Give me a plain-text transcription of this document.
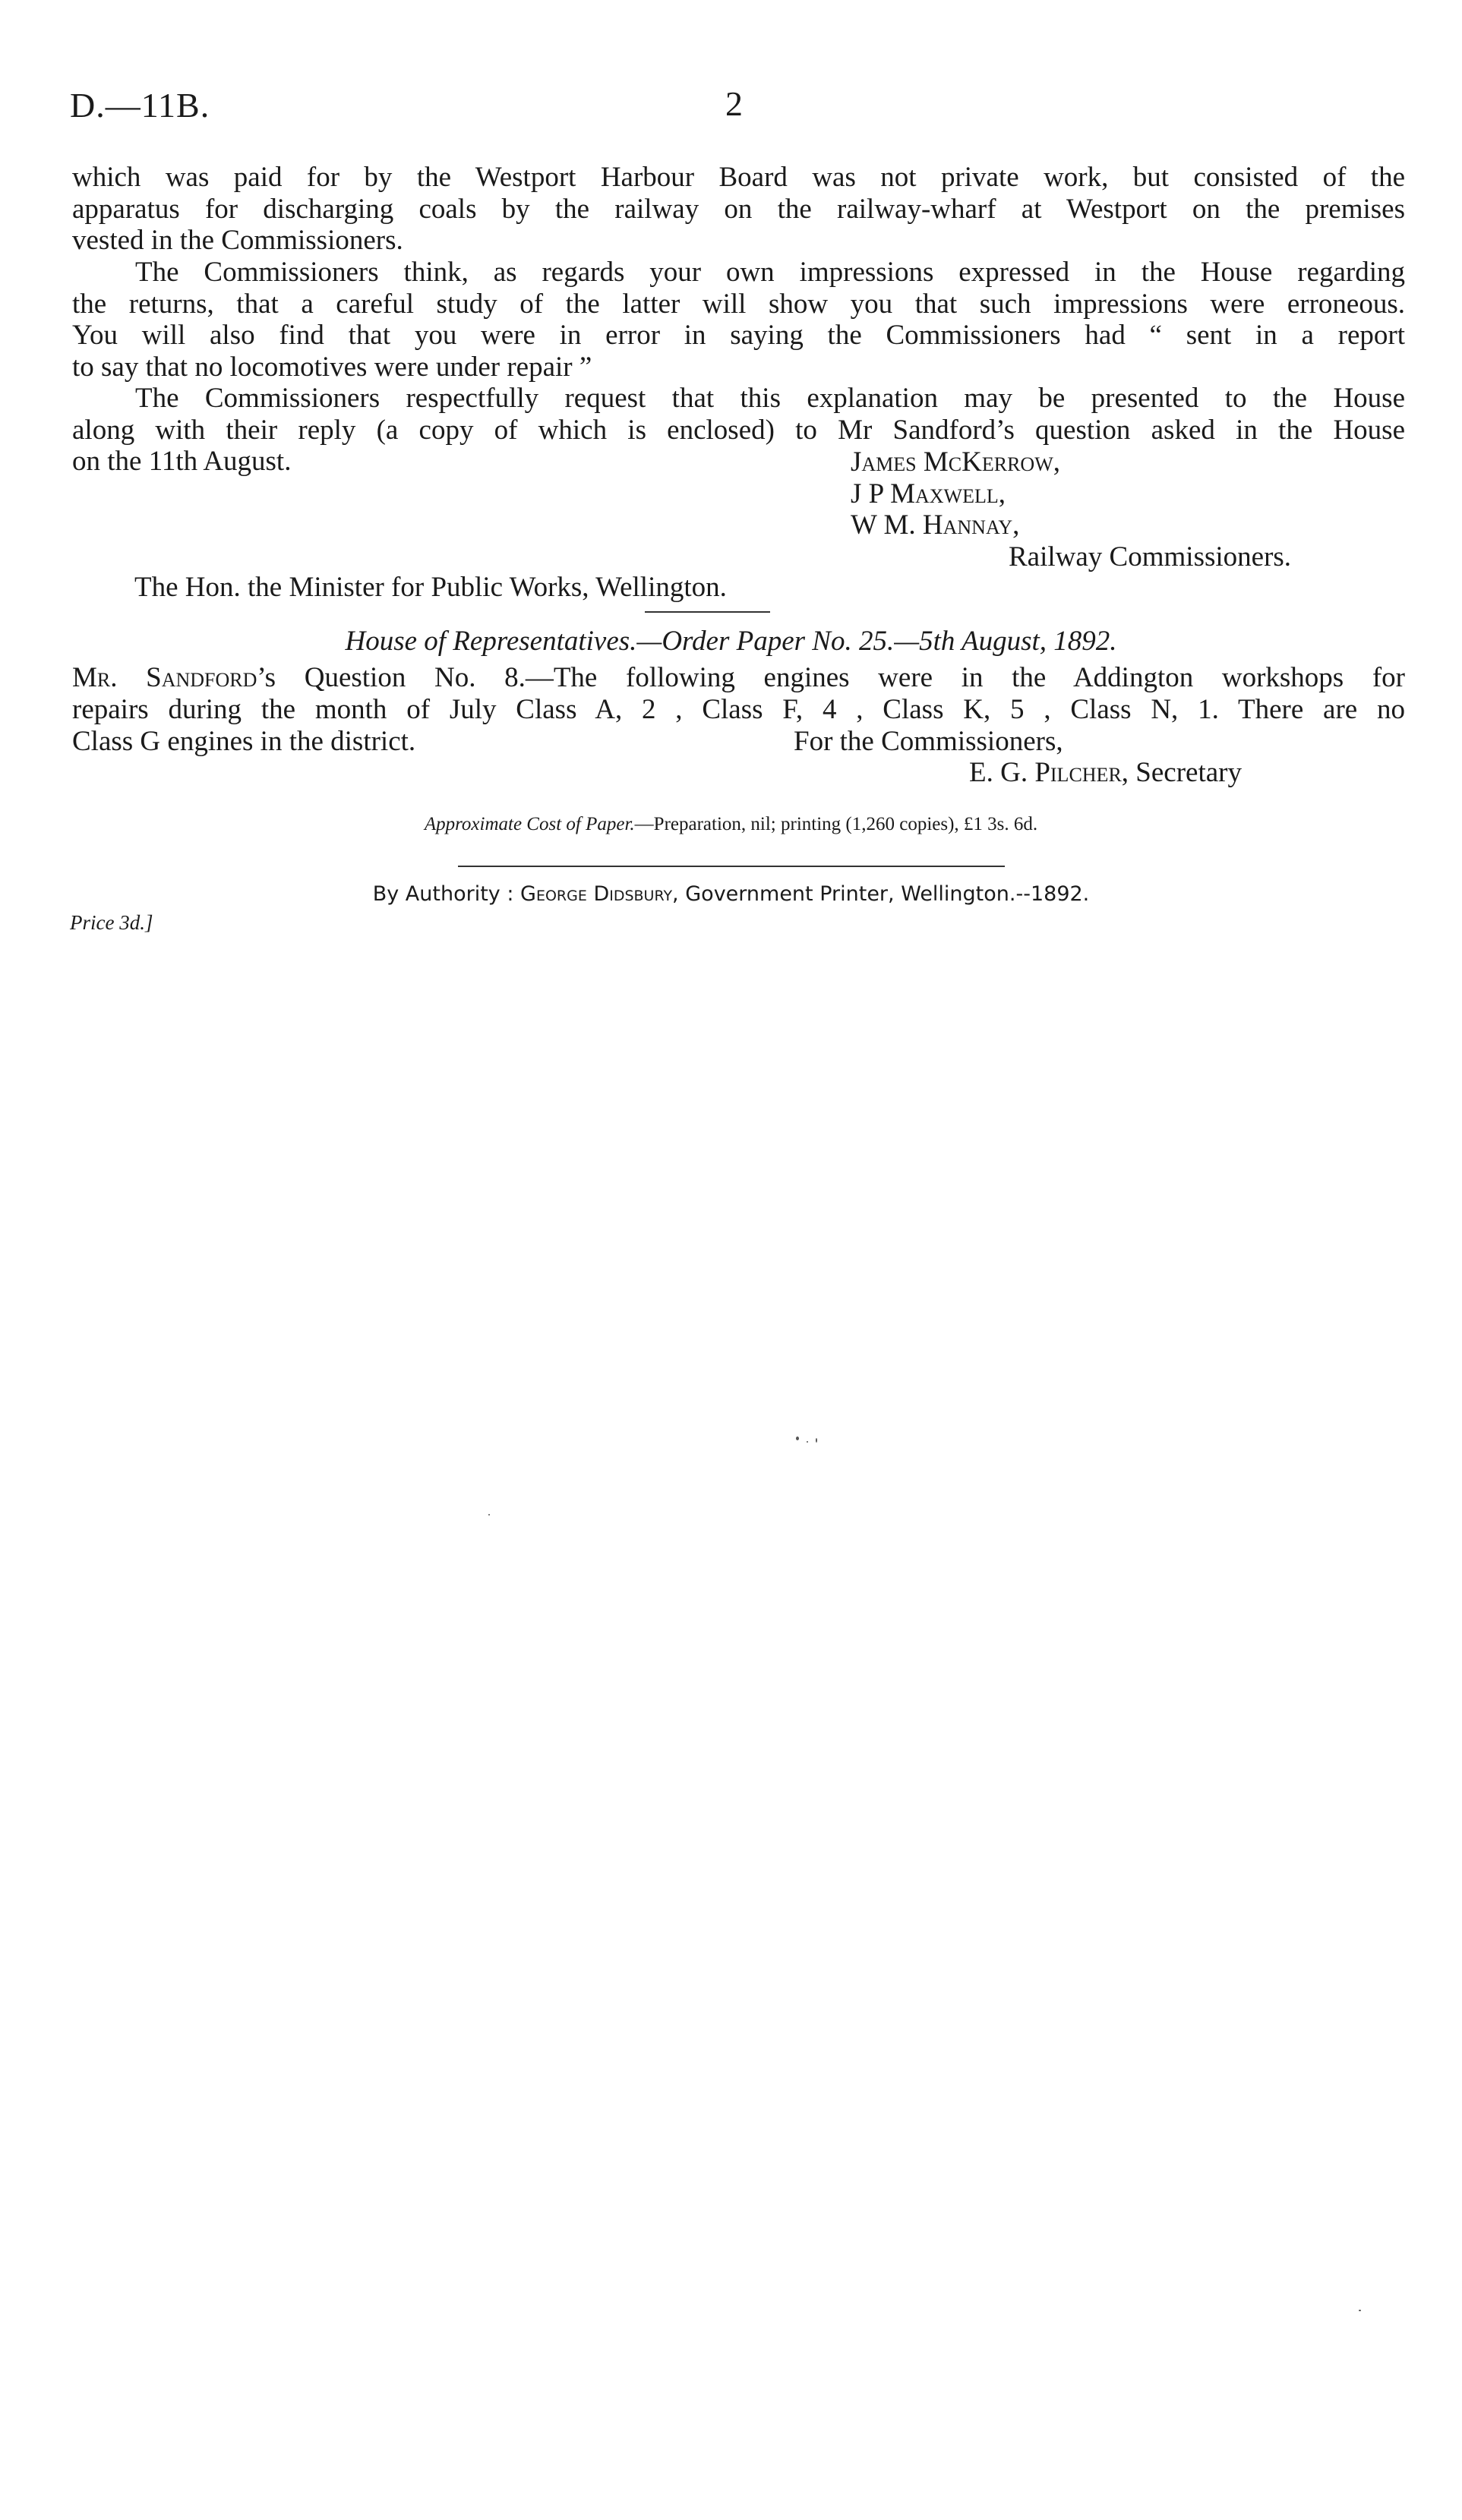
D.—11B.	2

which was paid for by the Westport Harbour Board was not private work, but consisted of the

apparatus for discharging coals by the railway on the railway-wharf at Westport on the premises

vested in the Commissioners.

The Commissioners think, as regards your own impressions expressed in the House regarding

the returns, that a careful study of the latter will show you that such impressions were erroneous.

You will also find that you were in error in saying the Commissioners had “ sent in a report

to say that no locomotives were under repair ”

The Commissioners respectfully request that this explanation may be presented to the House

along with their reply (a copy of which is enclosed) to Mr Sandford’s question asked in the House

on the 11th August.	James McKerrow,
J P Maxwell,
W M. Hannay,
Railway Commissioners.
The Hon. the Minister for Public Works, Wellington.
House of Representatives.—Order Paper No. 25.—5th August, 1892.

Mr. Sandford’s Question No. 8.—The following engines were in the Addington workshops for

repairs during the month of July Class A, 2 , Class F, 4 , Class K, 5 , Class N, 1. There are no

Class G engines in the district.	For the Commissioners,
E. G. Pilcher, Secretary
Approximate Cost of Paper.—Preparation, nil; printing (1,260 copies), £1 3s. 6d.
By Authority : George Didsbury, Government Printer, Wellington.--1892.
Price 3d.]
